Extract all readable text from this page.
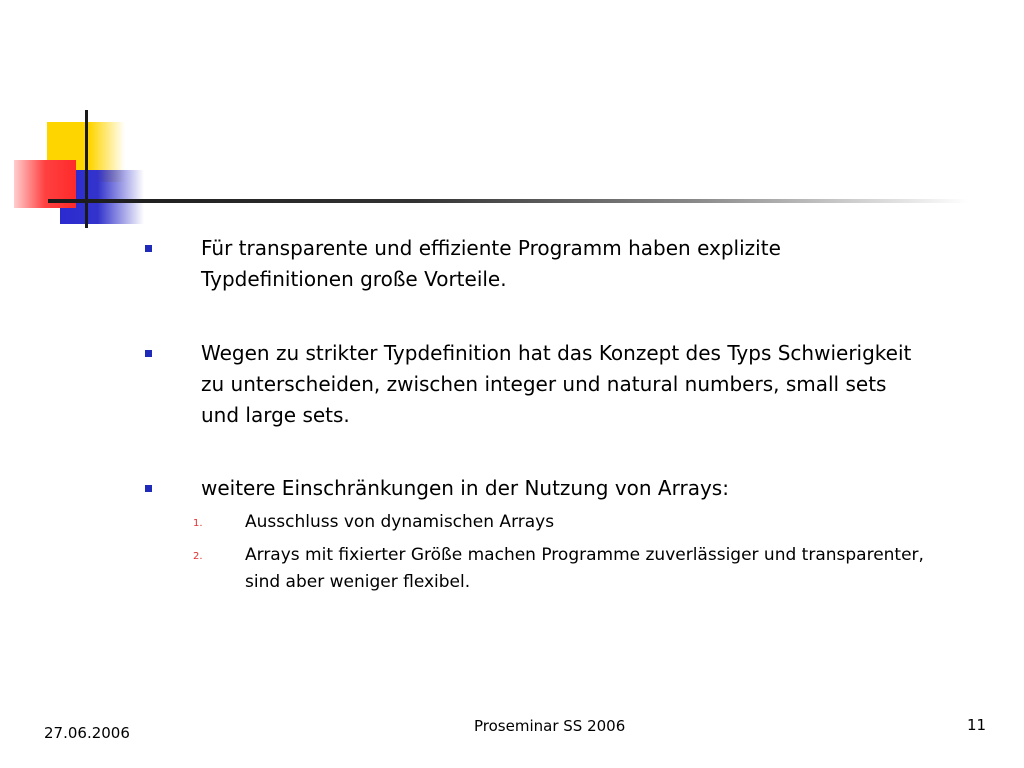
Für transparente und effiziente Programm haben explizite Typdefinitionen große Vorteile.
Wegen zu strikter Typdefinition hat das Konzept des Typs Schwierigkeit zu unterscheiden, zwischen integer und natural numbers, small sets und large sets.
weitere Einschränkungen in der Nutzung von Arrays:
1. Ausschluss von dynamischen Arrays
2. Arrays mit fixierter Größe machen Programme zuverlässiger und transparenter, sind aber weniger flexibel.
27.06.2006	Proseminar SS 2006	11
